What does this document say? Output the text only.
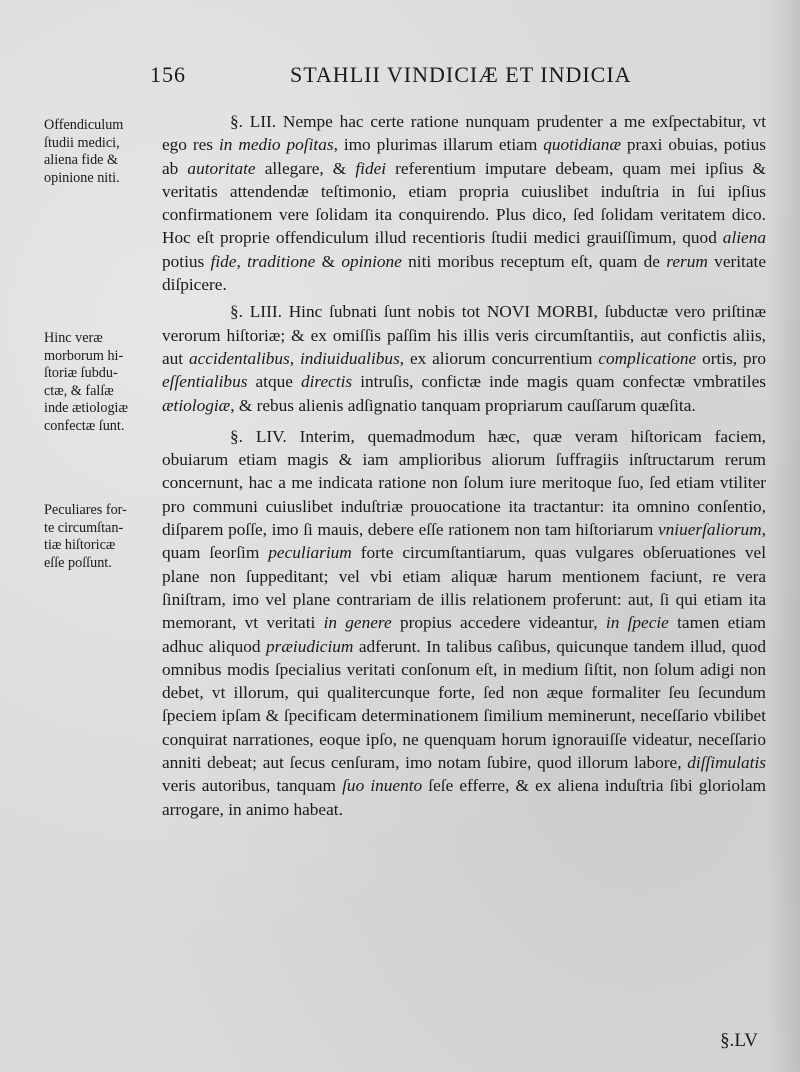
156	STAHLII VINDICIÆ ET INDICIA
Offendiculum
ſtudii medici,
aliena fide &
opinione niti.
Hinc veræ
morborum hi-
ſtoriæ ſubdu-
ctæ, & falſæ
inde ætiologiæ
confectæ ſunt.
Peculiares for-
te circumſtan-
tiæ hiſtoricæ
eſſe poſſunt.

§. LII. Nempe hac certe ratione nunquam prudenter a me exſpectabitur, vt ego res in medio poſitas, imo plurimas illarum etiam quotidianæ praxi obuias, potius ab autoritate allegare, & fidei referentium imputare debeam, quam mei ipſius & veritatis attendendæ teſtimonio, etiam propria cuiuslibet induſtria in ſui ipſius confirmationem vere ſolidam ita conquirendo. Plus dico, ſed ſolidam veritatem dico. Hoc eſt proprie offendiculum illud recentioris ſtudii medici grauiſſimum, quod aliena potius fide, traditione & opinione niti moribus receptum eſt, quam de rerum veritate diſpicere.

§. LIII. Hinc ſubnati ſunt nobis tot NOVI MORBI, ſubductæ vero priſtinæ verorum hiſtoriæ; & ex omiſſis paſſim his illis veris circumſtantiis, aut confictis aliis, aut accidentalibus, indiuidualibus, ex aliorum concurrentium complicatione ortis, pro eſſentialibus atque directis intruſis, confictæ inde magis quam confectæ vmbratiles ætiologiæ, & rebus alienis adſignatio tanquam propriarum cauſſarum quæſita.

§. LIV. Interim, quemadmodum hæc, quæ veram hiſtoricam faciem, obuiarum etiam magis & iam amplioribus aliorum ſuffragiis inſtructarum rerum concernunt, hac a me indicata ratione non ſolum iure meritoque ſuo, ſed etiam vtiliter pro communi cuiuslibet induſtriæ prouocatione ita tractantur: ita omnino conſentio, diſparem poſſe, imo ſi mauis, debere eſſe rationem non tam hiſtoriarum vniuerſaliorum, quam ſeorſim peculiarium forte circumſtantiarum, quas vulgares obſeruationes vel plane non ſuppeditant; vel vbi etiam aliquæ harum mentionem faciunt, re vera ſiniſtram, imo vel plane contrariam de illis relationem proferunt: aut, ſi qui etiam ita memorant, vt veritati in genere propius accedere videantur, in ſpecie tamen etiam adhuc aliquod præiudicium adferunt. In talibus caſibus, quicunque tandem illud, quod omnibus modis ſpecialius veritati conſonum eſt, in medium ſiſtit, non ſolum adigi non debet, vt illorum, qui qualitercunque forte, ſed non æque formaliter ſeu ſecundum ſpeciem ipſam & ſpecificam determinationem ſimilium meminerunt, neceſſario vbilibet conquirat narrationes, eoque ipſo, ne quenquam horum ignorauiſſe videatur, neceſſario anniti debeat; aut ſecus cenſuram, imo notam ſubire, quod illorum labore, diſſimulatis veris autoribus, tanquam ſuo inuento ſeſe efferre, & ex aliena induſtria ſibi gloriolam arrogare, in animo habeat.

§.LV
